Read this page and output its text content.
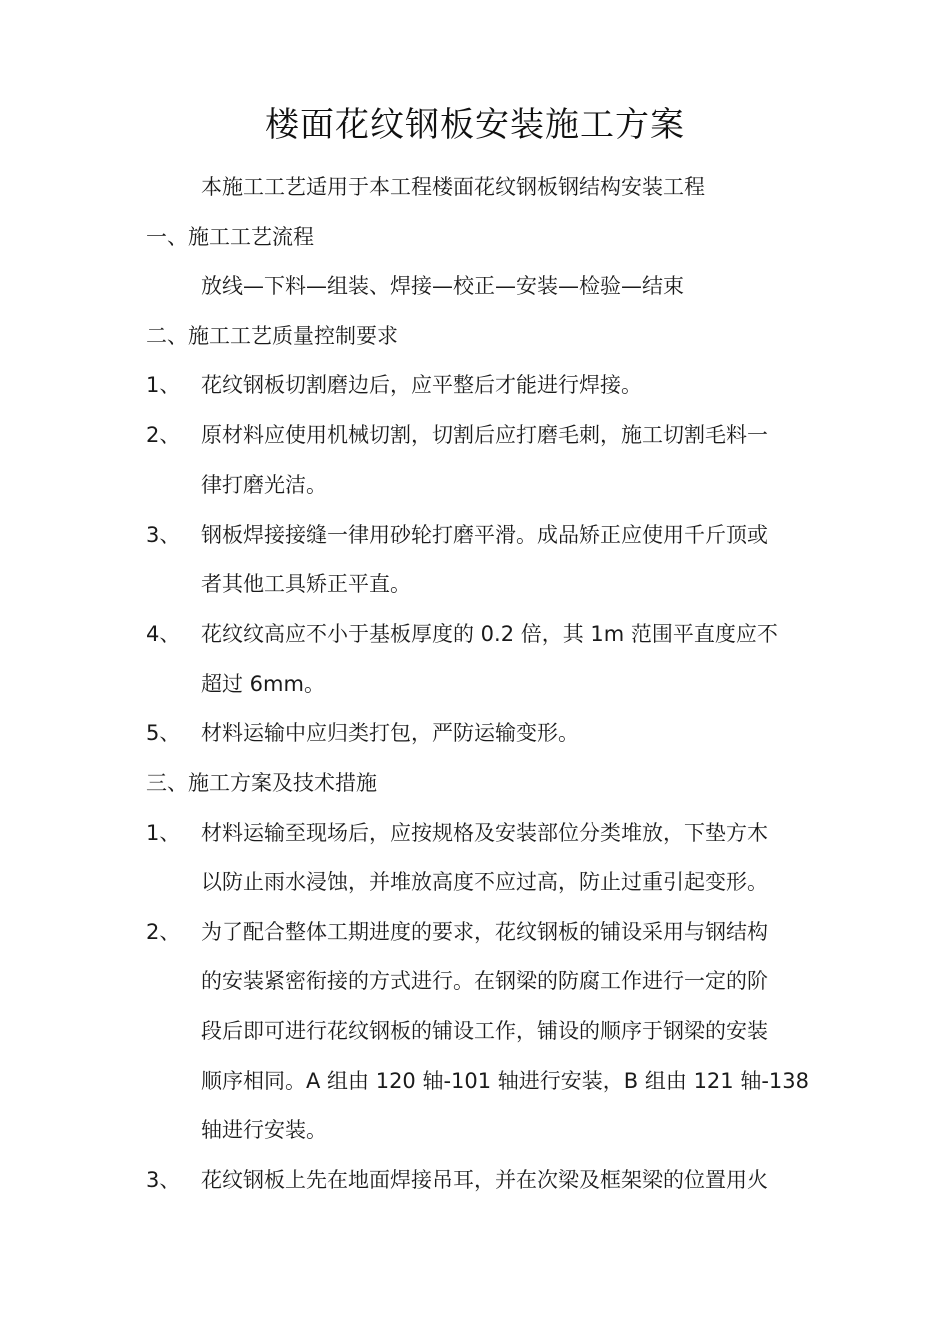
楼面花纹钢板安装施工方案
本施工工艺适用于本工程楼面花纹钢板钢结构安装工程
一、施工工艺流程
放线—下料—组装、焊接—校正—安装—检验—结束
二、施工工艺质量控制要求
1、 花纹钢板切割磨边后，应平整后才能进行焊接。
2、 原材料应使用机械切割，切割后应打磨毛刺，施工切割毛料一
律打磨光洁。
3、 钢板焊接接缝一律用砂轮打磨平滑。成品矫正应使用千斤顶或
者其他工具矫正平直。
4、 花纹纹高应不小于基板厚度的 0.2 倍，其 1m 范围平直度应不
超过 6mm。
5、 材料运输中应归类打包，严防运输变形。
三、施工方案及技术措施
1、 材料运输至现场后，应按规格及安装部位分类堆放，下垫方木
以防止雨水浸蚀，并堆放高度不应过高，防止过重引起变形。
2、 为了配合整体工期进度的要求，花纹钢板的铺设采用与钢结构
的安装紧密衔接的方式进行。在钢梁的防腐工作进行一定的阶
段后即可进行花纹钢板的铺设工作，铺设的顺序于钢梁的安装
顺序相同。A 组由 120 轴-101 轴进行安装，B 组由 121 轴-138
轴进行安装。
3、 花纹钢板上先在地面焊接吊耳，并在次梁及框架梁的位置用火
